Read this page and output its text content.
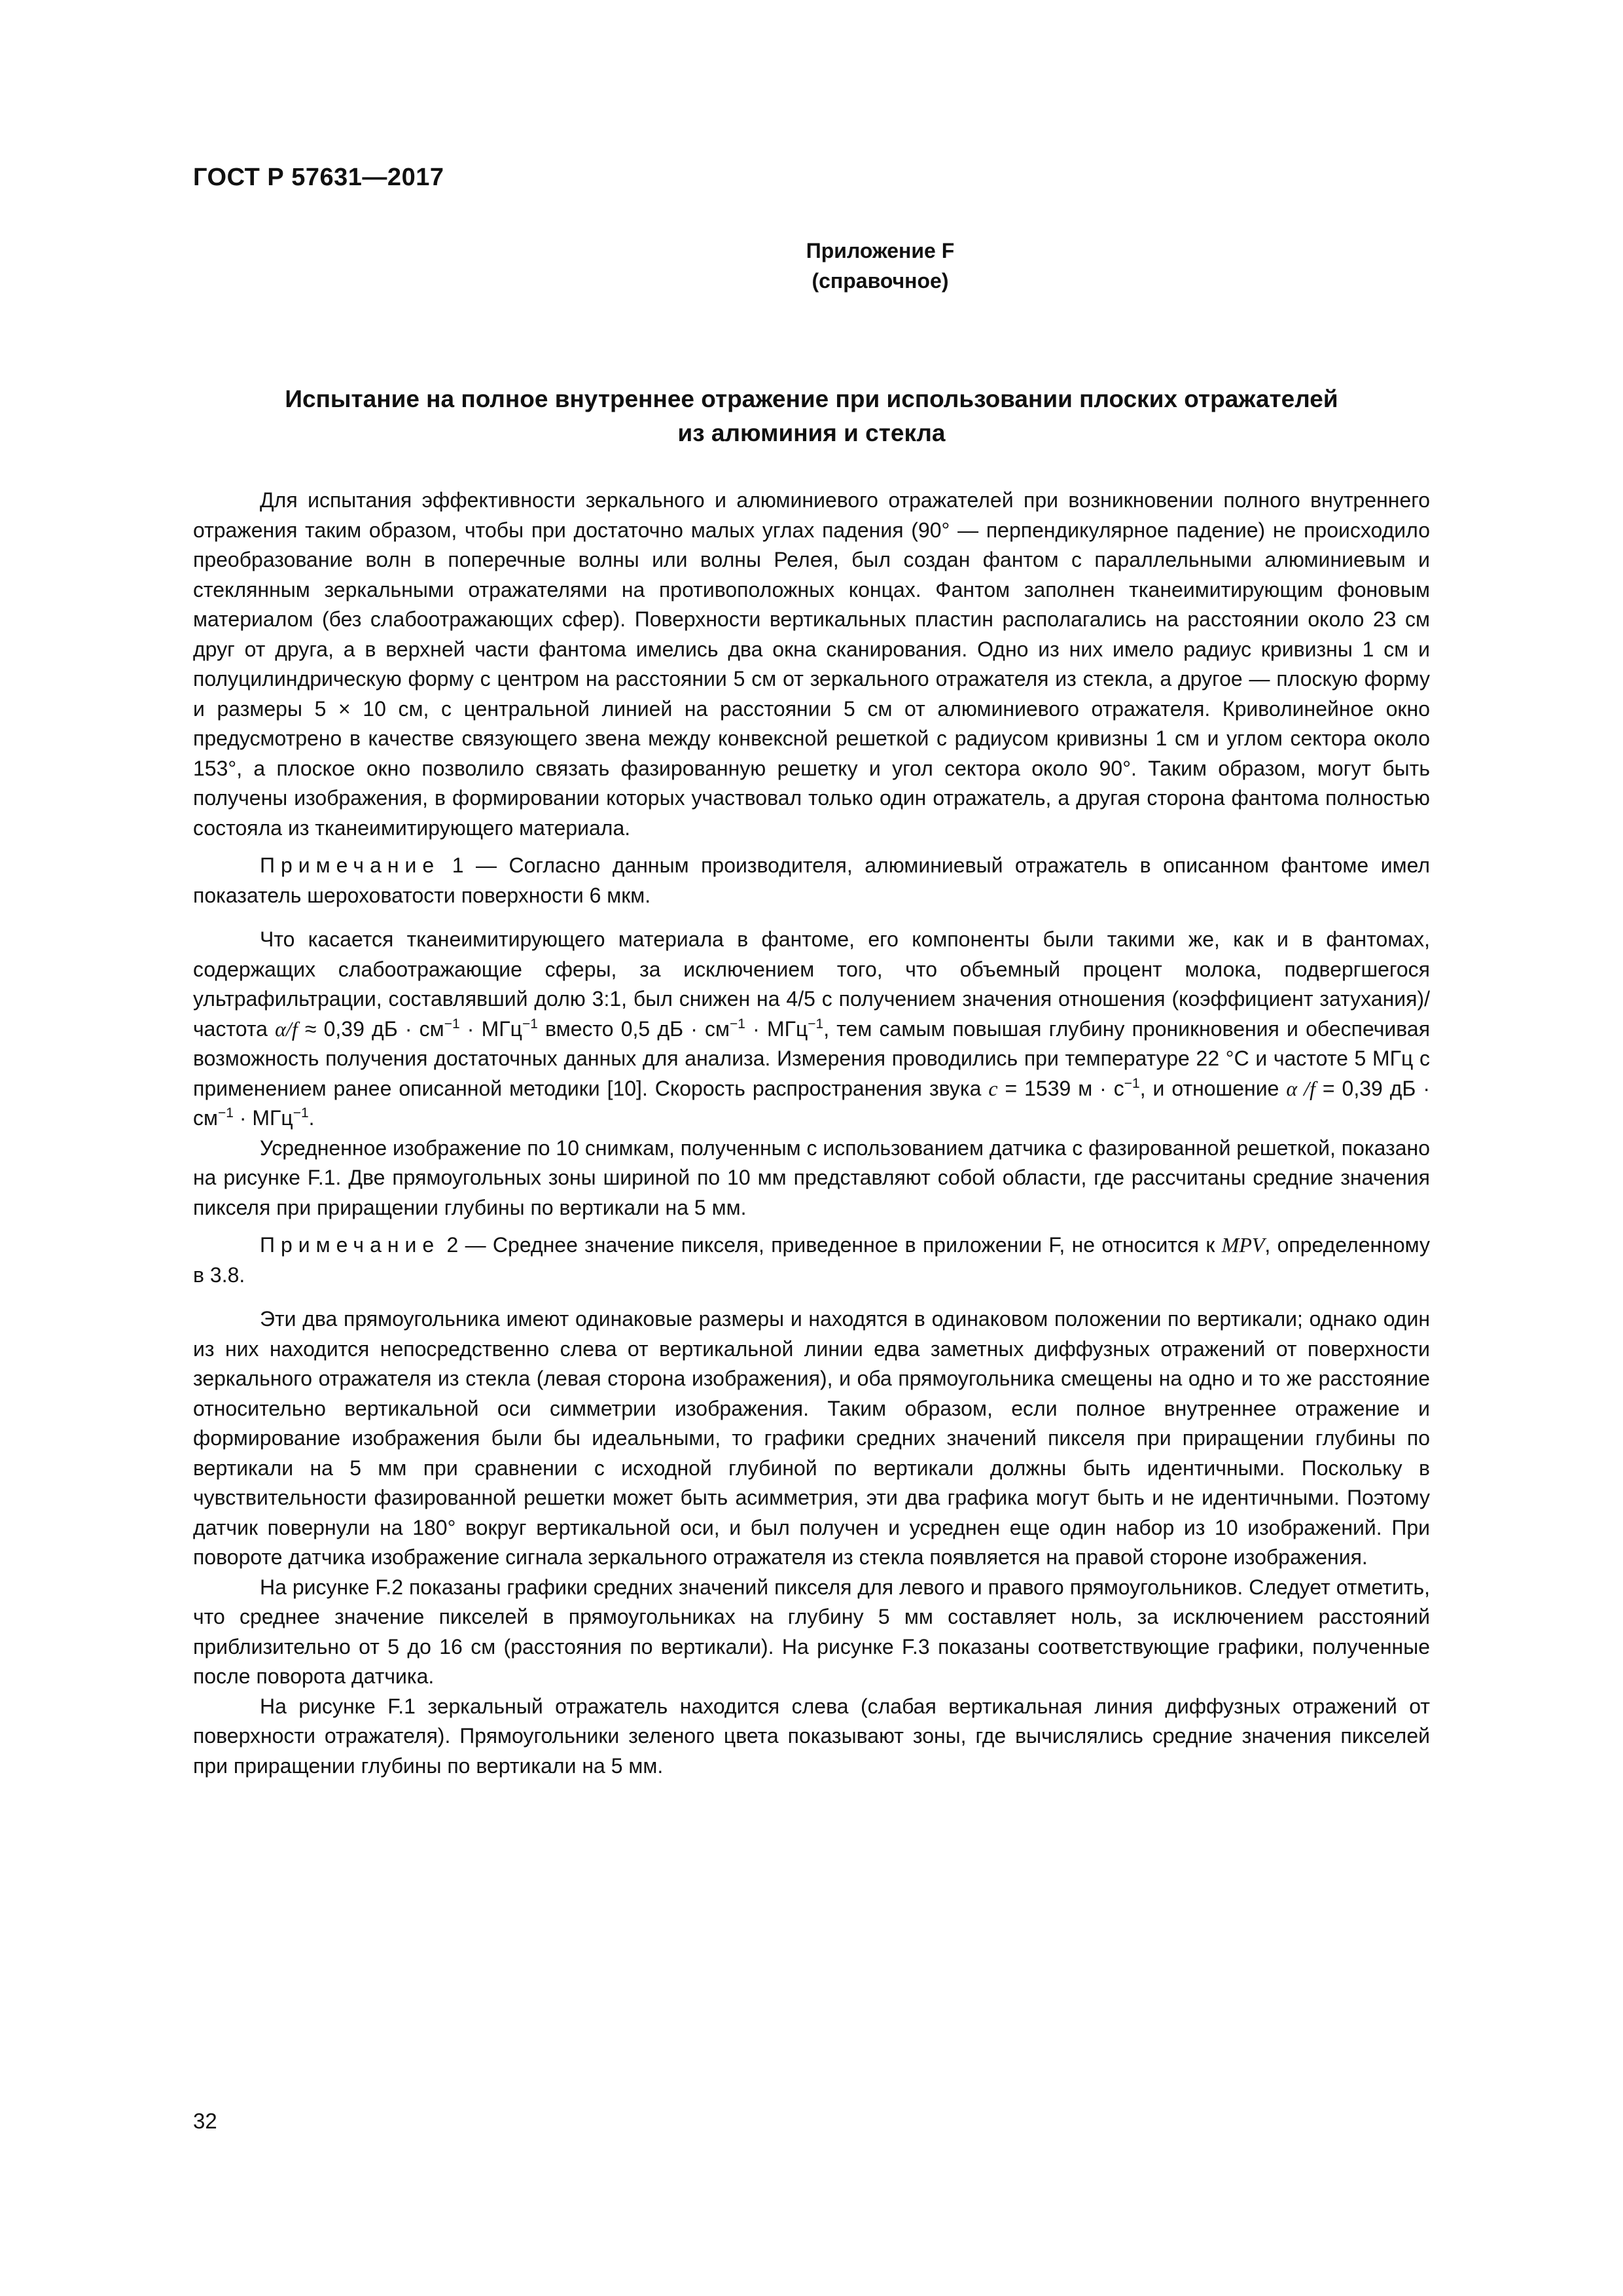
ГОСТ Р 57631—2017
Приложение F
(справочное)
Испытание на полное внутреннее отражение при использовании плоских отражателей
из алюминия и стекла

Для испытания эффективности зеркального и алюминиевого отражателей при возникновении полного внутреннего отражения таким образом, чтобы при достаточно малых углах падения (90° — перпендикулярное падение) не происходило преобразование волн в поперечные волны или волны Релея, был создан фантом с параллельными алюминиевым и стеклянным зеркальными отражателями на противоположных концах. Фантом заполнен тканеимитирующим фоновым материалом (без слабоотражающих сфер). Поверхности вертикальных пластин располагались на расстоянии около 23 см друг от друга, а в верхней части фантома имелись два окна сканирования. Одно из них имело радиус кривизны 1 см и полуцилиндрическую форму с центром на расстоянии 5 см от зеркального отражателя из стекла, а другое — плоскую форму и размеры 5 × 10 см, с центральной линией на расстоянии 5 см от алюминиевого отражателя. Криволинейное окно предусмотрено в качестве связующего звена между конвексной решеткой с радиусом кривизны 1 см и углом сектора около 153°, а плоское окно позволило связать фазированную решетку и угол сектора около 90°. Таким образом, могут быть получены изображения, в формировании которых участвовал только один отражатель, а другая сторона фантома полностью состояла из тканеимитирующего материала.

Примечание 1 — Согласно данным производителя, алюминиевый отражатель в описанном фантоме имел показатель шероховатости поверхности 6 мкм.

Что касается тканеимитирующего материала в фантоме, его компоненты были такими же, как и в фантомах, содержащих слабоотражающие сферы, за исключением того, что объемный процент молока, подвергшегося ультрафильтрации, составлявший долю 3:1, был снижен на 4/5 с получением значения отношения (коэффициент затухания)/частота α/f ≈ 0,39 дБ · $см^{-1} \cdot МГц^{-1}$ вместо 0,5 дБ · $см^{-1} \cdot МГц^{-1}$, тем самым повышая глубину проникновения и обеспечивая возможность получения достаточных данных для анализа. Измерения проводились при температуре 22 °C и частоте 5 МГц с применением ранее описанной методики [10]. Скорость распространения звука c = 1539 $м \cdot с^{-1}$, и отношение α /f = 0,39 дБ · $см^{-1} \cdot МГц^{-1}$.

Усредненное изображение по 10 снимкам, полученным с использованием датчика с фазированной решеткой, показано на рисунке F.1. Две прямоугольных зоны шириной по 10 мм представляют собой области, где рассчитаны средние значения пикселя при приращении глубины по вертикали на 5 мм.

Примечание 2 — Среднее значение пикселя, приведенное в приложении F, не относится к MPV, определенному в 3.8.

Эти два прямоугольника имеют одинаковые размеры и находятся в одинаковом положении по вертикали; однако один из них находится непосредственно слева от вертикальной линии едва заметных диффузных отражений от поверхности зеркального отражателя из стекла (левая сторона изображения), и оба прямоугольника смещены на одно и то же расстояние относительно вертикальной оси симметрии изображения. Таким образом, если полное внутреннее отражение и формирование изображения были бы идеальными, то графики средних значений пикселя при приращении глубины по вертикали на 5 мм при сравнении с исходной глубиной по вертикали должны быть идентичными. Поскольку в чувствительности фазированной решетки может быть асимметрия, эти два графика могут быть и не идентичными. Поэтому датчик повернули на 180° вокруг вертикальной оси, и был получен и усреднен еще один набор из 10 изображений. При повороте датчика изображение сигнала зеркального отражателя из стекла появляется на правой стороне изображения.

На рисунке F.2 показаны графики средних значений пикселя для левого и правого прямоугольников. Следует отметить, что среднее значение пикселей в прямоугольниках на глубину 5 мм составляет ноль, за исключением расстояний приблизительно от 5 до 16 см (расстояния по вертикали). На рисунке F.3 показаны соответствующие графики, полученные после поворота датчика.

На рисунке F.1 зеркальный отражатель находится слева (слабая вертикальная линия диффузных отражений от поверхности отражателя). Прямоугольники зеленого цвета показывают зоны, где вычислялись средние значения пикселей при приращении глубины по вертикали на 5 мм.

32
